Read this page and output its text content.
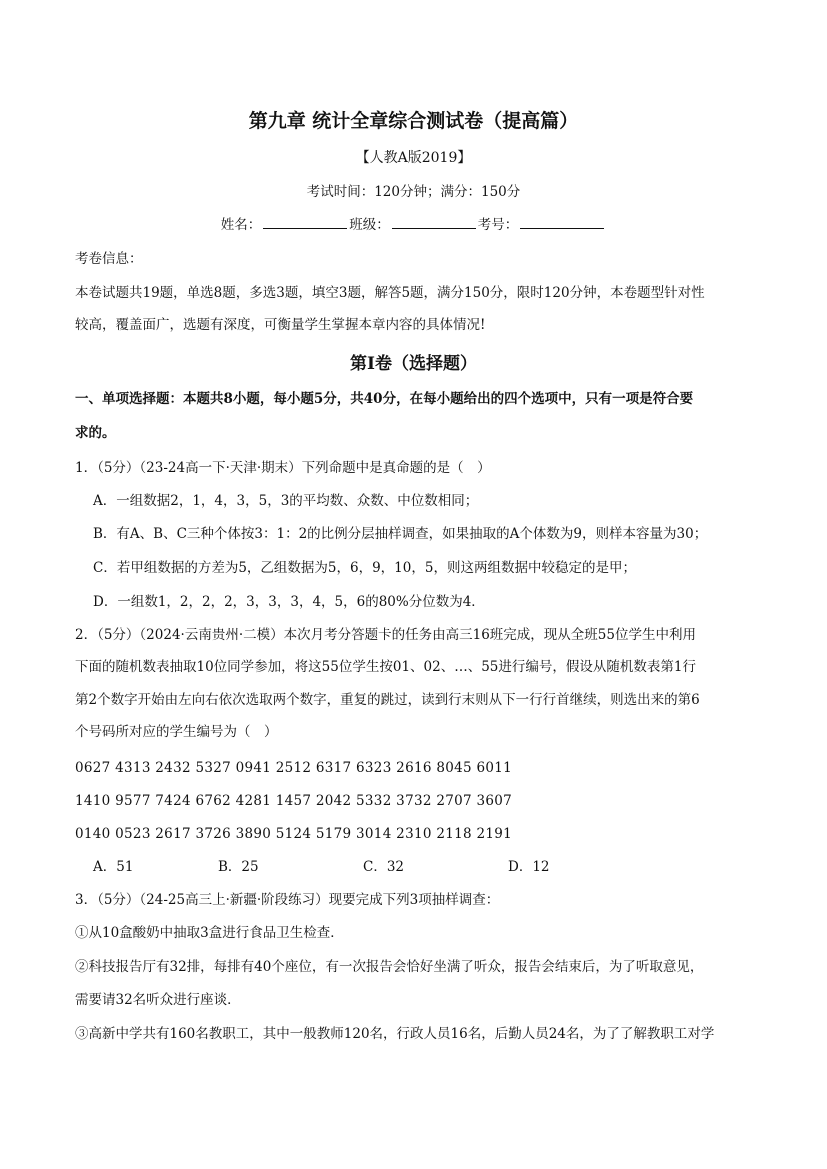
第九章 统计全章综合测试卷（提高篇）
【人教A版2019】
考试时间：120分钟；满分：150分
姓名：	班级：	考号：
考卷信息：
本卷试题共19题，单选8题，多选3题，填空3题，解答5题，满分150分，限时120分钟，本卷题型针对性
较高，覆盖面广，选题有深度，可衡量学生掌握本章内容的具体情况!
第Ⅰ卷（选择题）
一、单项选择题：本题共8小题，每小题5分，共40分，在每小题给出的四个选项中，只有一项是符合要
求的。
1．（5分）（23-24高一下·天津·期末）下列命题中是真命题的是（　）
A．一组数据2，1，4，3，5，3的平均数、众数、中位数相同；
B．有A、B、C三种个体按3：1：2的比例分层抽样调查，如果抽取的A个体数为9，则样本容量为30；
C．若甲组数据的方差为5，乙组数据为5，6，9，10，5，则这两组数据中较稳定的是甲；
D．一组数1，2，2，2，3，3，3，4，5，6的80%分位数为4．
2．（5分）（2024·云南贵州·二模）本次月考分答题卡的任务由高三16班完成，现从全班55位学生中利用
下面的随机数表抽取10位同学参加，将这55位学生按01、02、…、55进行编号，假设从随机数表第1行
第2个数字开始由左向右依次选取两个数字，重复的跳过，读到行末则从下一行行首继续，则选出来的第6
个号码所对应的学生编号为（　）
0627 4313 2432 5327 0941 2512 6317 6323 2616 8045 6011
1410 9577 7424 6762 4281 1457 2042 5332 3732 2707 3607
0140 0523 2617 3726 3890 5124 5179 3014 2310 2118 2191
A．51	B．25	C．32	D．12
3．（5分）（24-25高三上·新疆·阶段练习）现要完成下列3项抽样调查：
①从10盒酸奶中抽取3盒进行食品卫生检查．
②科技报告厅有32排，每排有40个座位，有一次报告会恰好坐满了听众，报告会结束后，为了听取意见，
需要请32名听众进行座谈．
③高新中学共有160名教职工，其中一般教师120名，行政人员16名，后勤人员24名，为了了解教职工对学
